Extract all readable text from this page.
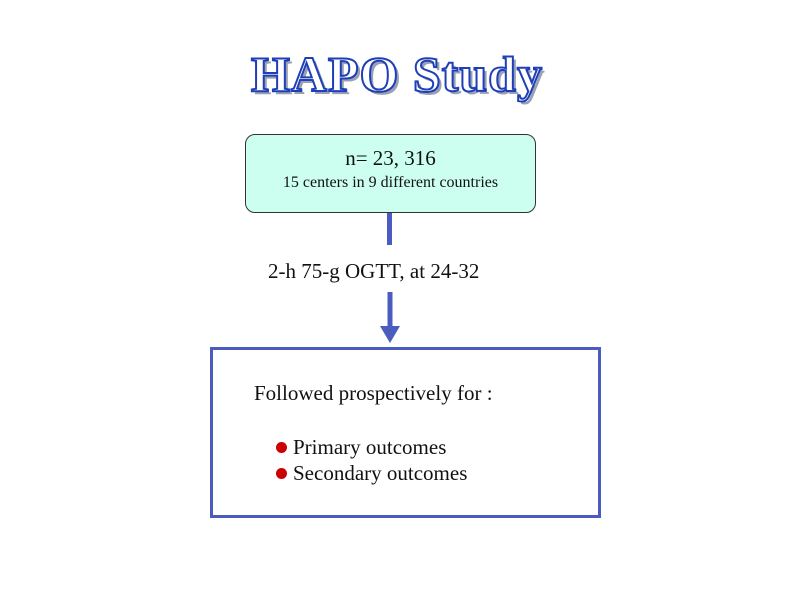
HAPO Study
n= 23, 316
15 centers in 9 different countries
2-h 75-g OGTT, at 24-32
Followed prospectively for :
Primary outcomes
Secondary outcomes
